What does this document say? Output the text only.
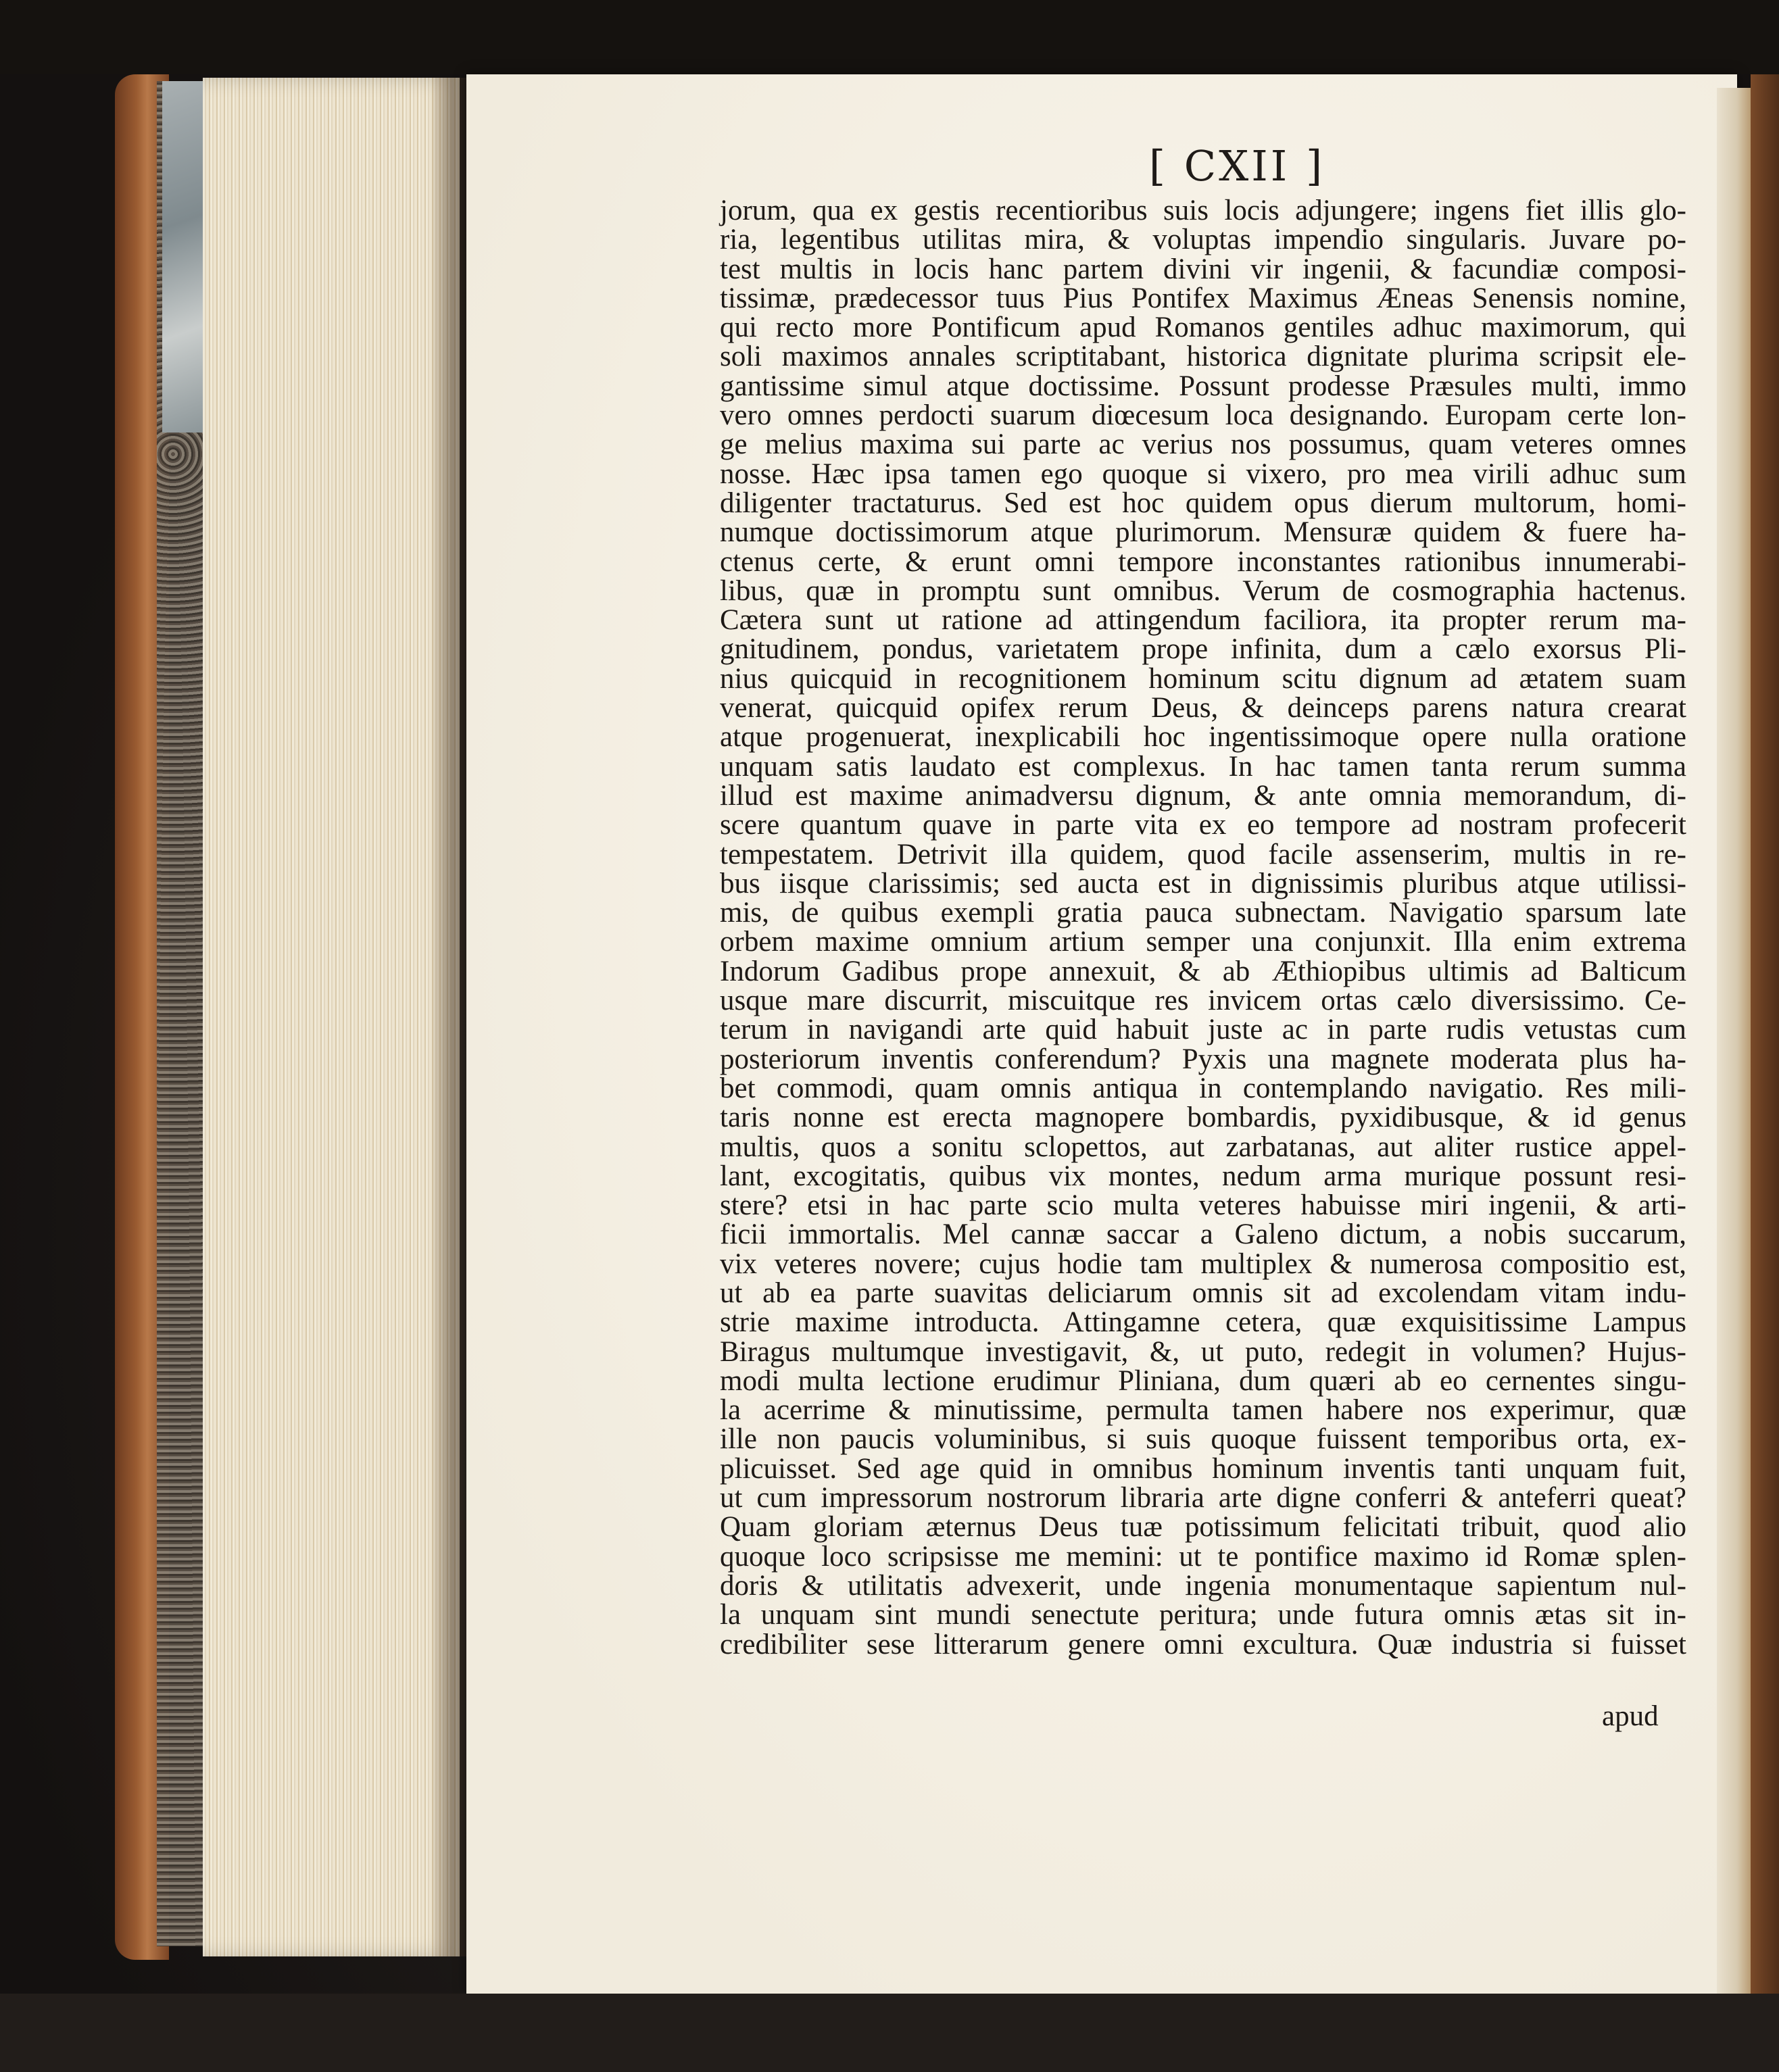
[ CXII ]
jorum, qua ex gestis recentioribus suis locis adjungere; ingens fiet illis glo-
ria, legentibus utilitas mira, & voluptas impendio singularis. Juvare po-
test multis in locis hanc partem divini vir ingenii, & facundiæ composi-
tissimæ, prædecessor tuus Pius Pontifex Maximus Æneas Senensis nomine,
qui recto more Pontificum apud Romanos gentiles adhuc maximorum, qui
soli maximos annales scriptitabant, historica dignitate plurima scripsit ele-
gantissime simul atque doctissime. Possunt prodesse Præsules multi, immo
vero omnes perdocti suarum diœcesum loca designando. Europam certe lon-
ge melius maxima sui parte ac verius nos possumus, quam veteres omnes
nosse. Hæc ipsa tamen ego quoque si vixero, pro mea virili adhuc sum
diligenter tractaturus. Sed est hoc quidem opus dierum multorum, homi-
numque doctissimorum atque plurimorum. Mensuræ quidem & fuere ha-
ctenus certe, & erunt omni tempore inconstantes rationibus innumerabi-
libus, quæ in promptu sunt omnibus. Verum de cosmographia hactenus.
Cætera sunt ut ratione ad attingendum faciliora, ita propter rerum ma-
gnitudinem, pondus, varietatem prope infinita, dum a cælo exorsus Pli-
nius quicquid in recognitionem hominum scitu dignum ad ætatem suam
venerat, quicquid opifex rerum Deus, & deinceps parens natura crearat
atque progenuerat, inexplicabili hoc ingentissimoque opere nulla oratione
unquam satis laudato est complexus. In hac tamen tanta rerum summa
illud est maxime animadversu dignum, & ante omnia memorandum, di-
scere quantum quave in parte vita ex eo tempore ad nostram profecerit
tempestatem. Detrivit illa quidem, quod facile assenserim, multis in re-
bus iisque clarissimis; sed aucta est in dignissimis pluribus atque utilissi-
mis, de quibus exempli gratia pauca subnectam. Navigatio sparsum late
orbem maxime omnium artium semper una conjunxit. Illa enim extrema
Indorum Gadibus prope annexuit, & ab Æthiopibus ultimis ad Balticum
usque mare discurrit, miscuitque res invicem ortas cælo diversissimo. Ce-
terum in navigandi arte quid habuit juste ac in parte rudis vetustas cum
posteriorum inventis conferendum? Pyxis una magnete moderata plus ha-
bet commodi, quam omnis antiqua in contemplando navigatio. Res mili-
taris nonne est erecta magnopere bombardis, pyxidibusque, & id genus
multis, quos a sonitu sclopettos, aut zarbatanas, aut aliter rustice appel-
lant, excogitatis, quibus vix montes, nedum arma murique possunt resi-
stere? etsi in hac parte scio multa veteres habuisse miri ingenii, & arti-
ficii immortalis. Mel cannæ saccar a Galeno dictum, a nobis succarum,
vix veteres novere; cujus hodie tam multiplex & numerosa compositio est,
ut ab ea parte suavitas deliciarum omnis sit ad excolendam vitam indu-
strie maxime introducta. Attingamne cetera, quæ exquisitissime Lampus
Biragus multumque investigavit, &, ut puto, redegit in volumen? Hujus-
modi multa lectione erudimur Pliniana, dum quæri ab eo cernentes singu-
la acerrime & minutissime, permulta tamen habere nos experimur, quæ
ille non paucis voluminibus, si suis quoque fuissent temporibus orta, ex-
plicuisset. Sed age quid in omnibus hominum inventis tanti unquam fuit,
ut cum impressorum nostrorum libraria arte digne conferri & anteferri queat?
Quam gloriam æternus Deus tuæ potissimum felicitati tribuit, quod alio
quoque loco scripsisse me memini: ut te pontifice maximo id Romæ splen-
doris & utilitatis advexerit, unde ingenia monumentaque sapientum nul-
la unquam sint mundi senectute peritura; unde futura omnis ætas sit in-
credibiliter sese litterarum genere omni excultura. Quæ industria si fuisset
apud
